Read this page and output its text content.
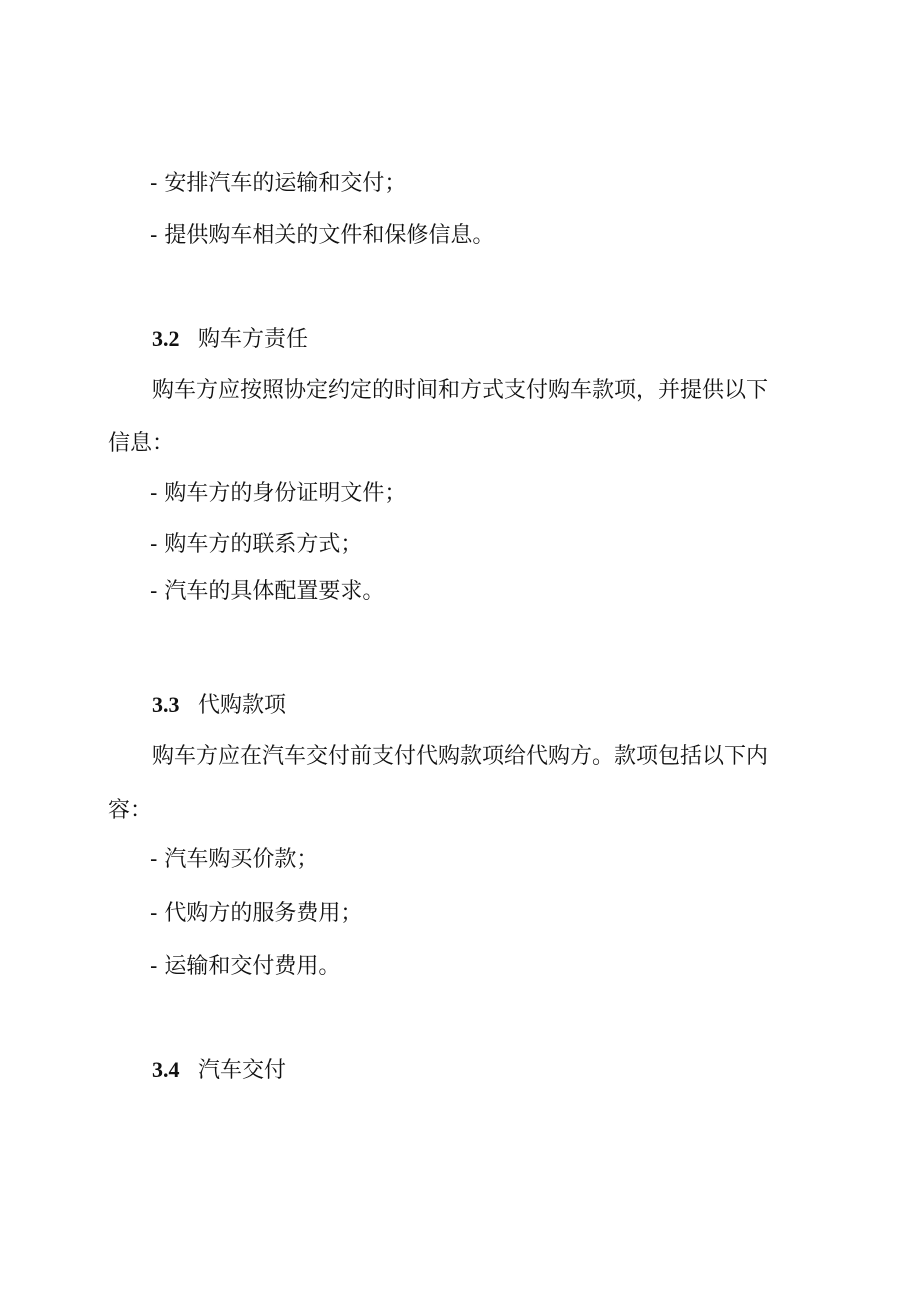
- 安排汽车的运输和交付；
- 提供购车相关的文件和保修信息。
3.2 购车方责任
购车方应按照协定约定的时间和方式支付购车款项，并提供以下
信息：
- 购车方的身份证明文件；
- 购车方的联系方式；
- 汽车的具体配置要求。
3.3 代购款项
购车方应在汽车交付前支付代购款项给代购方。款项包括以下内
容：
- 汽车购买价款；
- 代购方的服务费用；
- 运输和交付费用。
3.4 汽车交付
